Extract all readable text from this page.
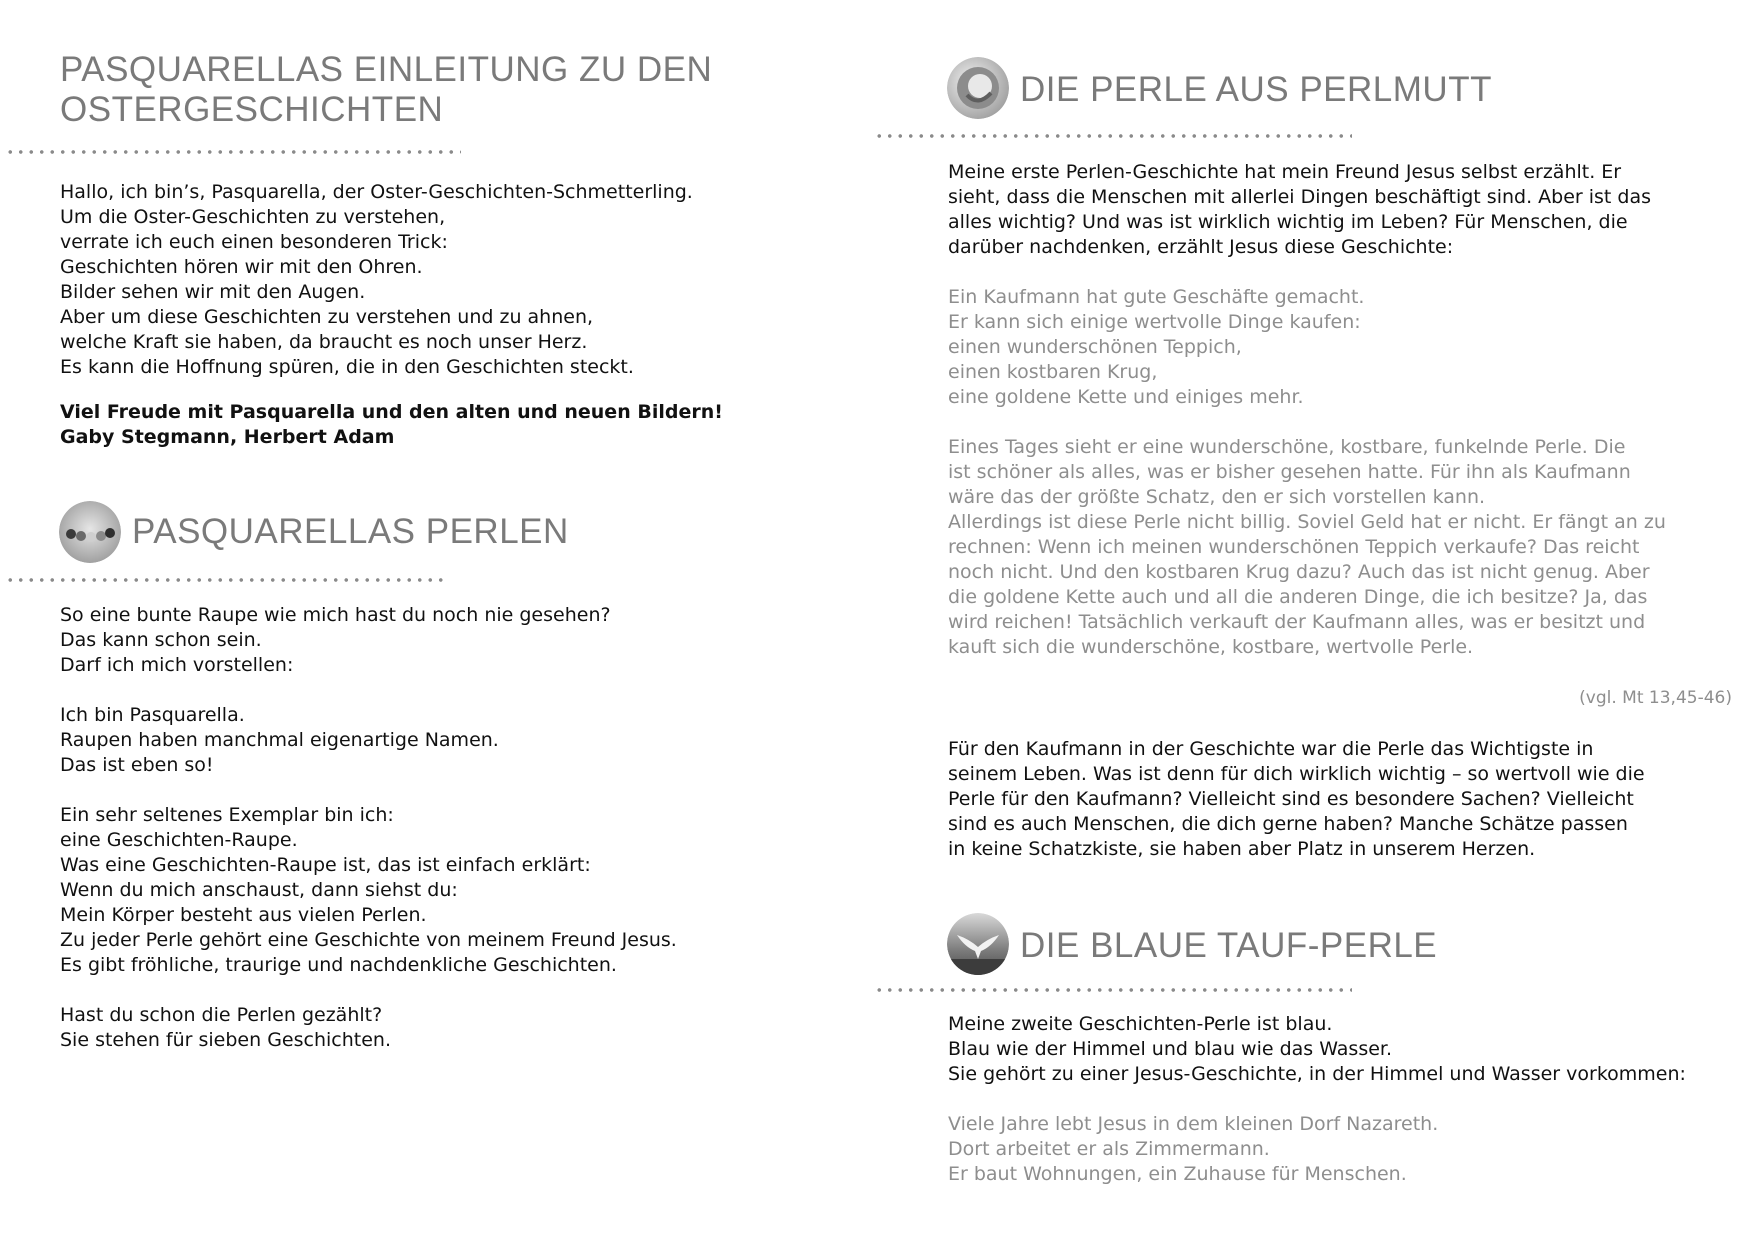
PASQUARELLAS EINLEITUNG ZU DEN
OSTERGESCHICHTEN
Hallo, ich bin’s, Pasquarella, der Oster-Geschichten-Schmetterling.
Um die Oster-Geschichten zu verstehen,
verrate ich euch einen besonderen Trick:
Geschichten hören wir mit den Ohren.
Bilder sehen wir mit den Augen.
Aber um diese Geschichten zu verstehen und zu ahnen,
welche Kraft sie haben, da braucht es noch unser Herz.
Es kann die Hoffnung spüren, die in den Geschichten steckt.
Viel Freude mit Pasquarella und den alten und neuen Bildern!
Gaby Stegmann, Herbert Adam
PASQUARELLAS PERLEN
So eine bunte Raupe wie mich hast du noch nie gesehen?
Das kann schon sein.
Darf ich mich vorstellen:
Ich bin Pasquarella.
Raupen haben manchmal eigenartige Namen.
Das ist eben so!
Ein sehr seltenes Exemplar bin ich:
eine Geschichten-Raupe.
Was eine Geschichten-Raupe ist, das ist einfach erklärt:
Wenn du mich anschaust, dann siehst du:
Mein Körper besteht aus vielen Perlen.
Zu jeder Perle gehört eine Geschichte von meinem Freund Jesus.
Es gibt fröhliche, traurige und nachdenkliche Geschichten.
Hast du schon die Perlen gezählt?
Sie stehen für sieben Geschichten.
DIE PERLE AUS PERLMUTT
Meine erste Perlen-Geschichte hat mein Freund Jesus selbst erzählt. Er
sieht, dass die Menschen mit allerlei Dingen beschäftigt sind. Aber ist das
alles wichtig? Und was ist wirklich wichtig im Leben? Für Menschen, die
darüber nachdenken, erzählt Jesus diese Geschichte:
Ein Kaufmann hat gute Geschäfte gemacht.
Er kann sich einige wertvolle Dinge kaufen:
einen wunderschönen Teppich,
einen kostbaren Krug,
eine goldene Kette und einiges mehr.
Eines Tages sieht er eine wunderschöne, kostbare, funkelnde Perle. Die
ist schöner als alles, was er bisher gesehen hatte. Für ihn als Kaufmann
wäre das der größte Schatz, den er sich vorstellen kann.
Allerdings ist diese Perle nicht billig. Soviel Geld hat er nicht. Er fängt an zu
rechnen: Wenn ich meinen wunderschönen Teppich verkaufe? Das reicht
noch nicht. Und den kostbaren Krug dazu? Auch das ist nicht genug. Aber
die goldene Kette auch und all die anderen Dinge, die ich besitze? Ja, das
wird reichen! Tatsächlich verkauft der Kaufmann alles, was er besitzt und
kauft sich die wunderschöne, kostbare, wertvolle Perle.
(vgl. Mt 13,45-46)
Für den Kaufmann in der Geschichte war die Perle das Wichtigste in
seinem Leben. Was ist denn für dich wirklich wichtig – so wertvoll wie die
Perle für den Kaufmann? Vielleicht sind es besondere Sachen? Vielleicht
sind es auch Menschen, die dich gerne haben? Manche Schätze passen
in keine Schatzkiste, sie haben aber Platz in unserem Herzen.
DIE BLAUE TAUF-PERLE
Meine zweite Geschichten-Perle ist blau.
Blau wie der Himmel und blau wie das Wasser.
Sie gehört zu einer Jesus-Geschichte, in der Himmel und Wasser vorkommen:
Viele Jahre lebt Jesus in dem kleinen Dorf Nazareth.
Dort arbeitet er als Zimmermann.
Er baut Wohnungen, ein Zuhause für Menschen.
